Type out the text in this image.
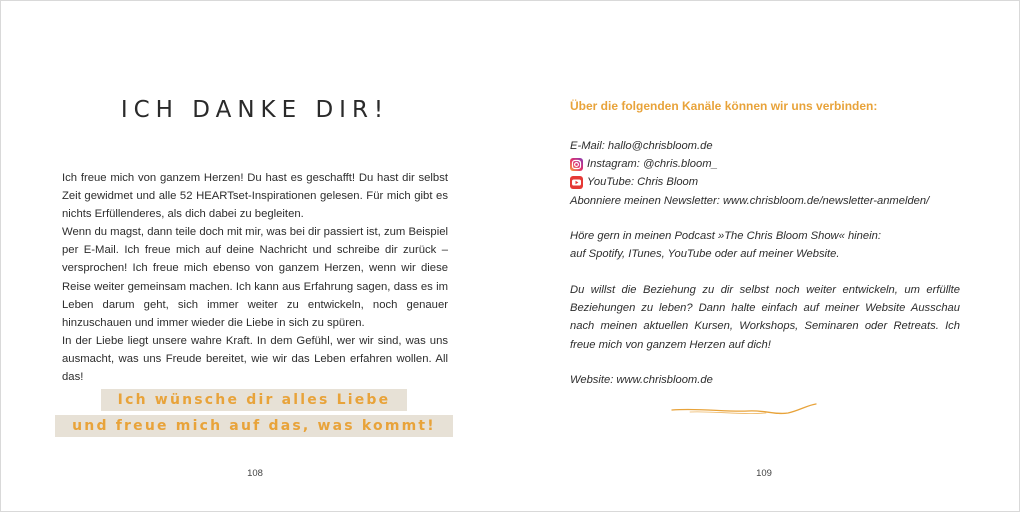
ICH DANKE DIR!

Ich freue mich von ganzem Herzen! Du hast es geschafft! Du hast dir selbst Zeit gewidmet und alle 52 HEARTset-Inspirationen gelesen. Für mich gibt es nichts Erfüllenderes, als dich dabei zu begleiten.

Wenn du magst, dann teile doch mit mir, was bei dir passiert ist, zum Beispiel per E-Mail. Ich freue mich auf deine Nachricht und schreibe dir zurück – versprochen! Ich freue mich ebenso von ganzem Herzen, wenn wir diese Reise weiter gemeinsam machen. Ich kann aus Erfahrung sagen, dass es im Leben darum geht, sich immer weiter zu entwickeln, noch genauer hinzuschauen und immer wieder die Liebe in sich zu spüren.

In der Liebe liegt unsere wahre Kraft. In dem Gefühl, wer wir sind, was uns ausmacht, was uns Freude bereitet, wie wir das Leben erfahren wollen. All das!

Ich wünsche dir alles Liebe
und freue mich auf das, was kommt!
108
Über die folgenden Kanäle können wir uns verbinden:
E-Mail: hallo@chrisbloom.de
Instagram: @chris.bloom_
YouTube: Chris Bloom
Abonniere meinen Newsletter: www.chrisbloom.de/newsletter-anmelden/
Höre gern in meinen Podcast »The Chris Bloom Show« hinein:
auf Spotify, ITunes, YouTube oder auf meiner Website.

Du willst die Beziehung zu dir selbst noch weiter entwickeln, um erfüllte Beziehungen zu leben? Dann halte einfach auf meiner Website Ausschau nach meinen aktuellen Kursen, Workshops, Seminaren oder Retreats. Ich freue mich von ganzem Herzen auf dich!

Website: www.chrisbloom.de
109
